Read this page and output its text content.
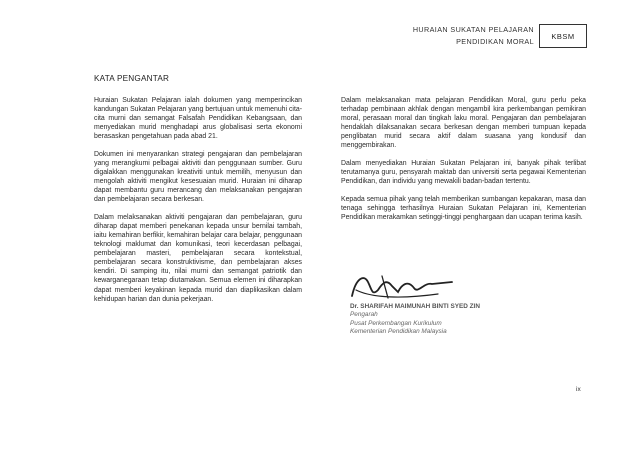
HURAIAN SUKATAN PELAJARAN
PENDIDIKAN MORAL
KBSM
KATA PENGANTAR

Huraian Sukatan Pelajaran ialah dokumen yang memperincikan kandungan Sukatan Pelajaran yang bertujuan untuk memenuhi cita-cita murni dan semangat Falsafah Pendidikan Kebangsaan, dan menyediakan murid menghadapi arus globalisasi serta ekonomi berasaskan pengetahuan pada abad 21.

Dokumen ini menyarankan strategi pengajaran dan pembelajaran yang merangkumi pelbagai aktiviti dan penggunaan sumber. Guru digalakkan menggunakan kreativiti untuk memilih, menyusun dan mengolah aktiviti mengikut kesesuaian murid. Huraian ini diharap dapat membantu guru merancang dan melaksanakan pengajaran dan pembelajaran secara berkesan.

Dalam melaksanakan aktiviti pengajaran dan pembelajaran, guru diharap dapat memberi penekanan kepada unsur bernilai tambah, iaitu kemahiran berfikir, kemahiran belajar cara belajar, penggunaan teknologi maklumat dan komunikasi, teori kecerdasan pelbagai, pembelajaran masteri, pembelajaran secara kontekstual, pembelajaran secara konstruktivisme, dan pembelajaran akses kendiri. Di samping itu, nilai murni dan semangat patriotik dan kewarganegaraan tetap diutamakan. Semua elemen ini diharapkan dapat memberi keyakinan kepada murid dan diaplikasikan dalam kehidupan harian dan dunia pekerjaan.

Dalam melaksanakan mata pelajaran Pendidikan Moral, guru perlu peka terhadap pembinaan akhlak dengan mengambil kira perkembangan pemikiran moral, perasaan moral dan tingkah laku moral. Pengajaran dan pembelajaran hendaklah dilaksanakan secara berkesan dengan memberi tumpuan kepada penglibatan murid secara aktif dalam suasana yang kondusif dan menggembirakan.

Dalam menyediakan Huraian Sukatan Pelajaran ini, banyak pihak terlibat terutamanya guru, pensyarah maktab dan universiti serta pegawai Kementerian Pendidikan, dan individu yang mewakili badan-badan tertentu.

Kepada semua pihak yang telah memberikan sumbangan kepakaran, masa dan tenaga sehingga terhasilnya Huraian Sukatan Pelajaran ini, Kementerian Pendidikan merakamkan setinggi-tinggi penghargaan dan ucapan terima kasih.

Dr. SHARIFAH MAIMUNAH BINTI SYED ZIN
Pengarah
Pusat Perkembangan Kurikulum
Kementerian Pendidikan Malaysia
ix
